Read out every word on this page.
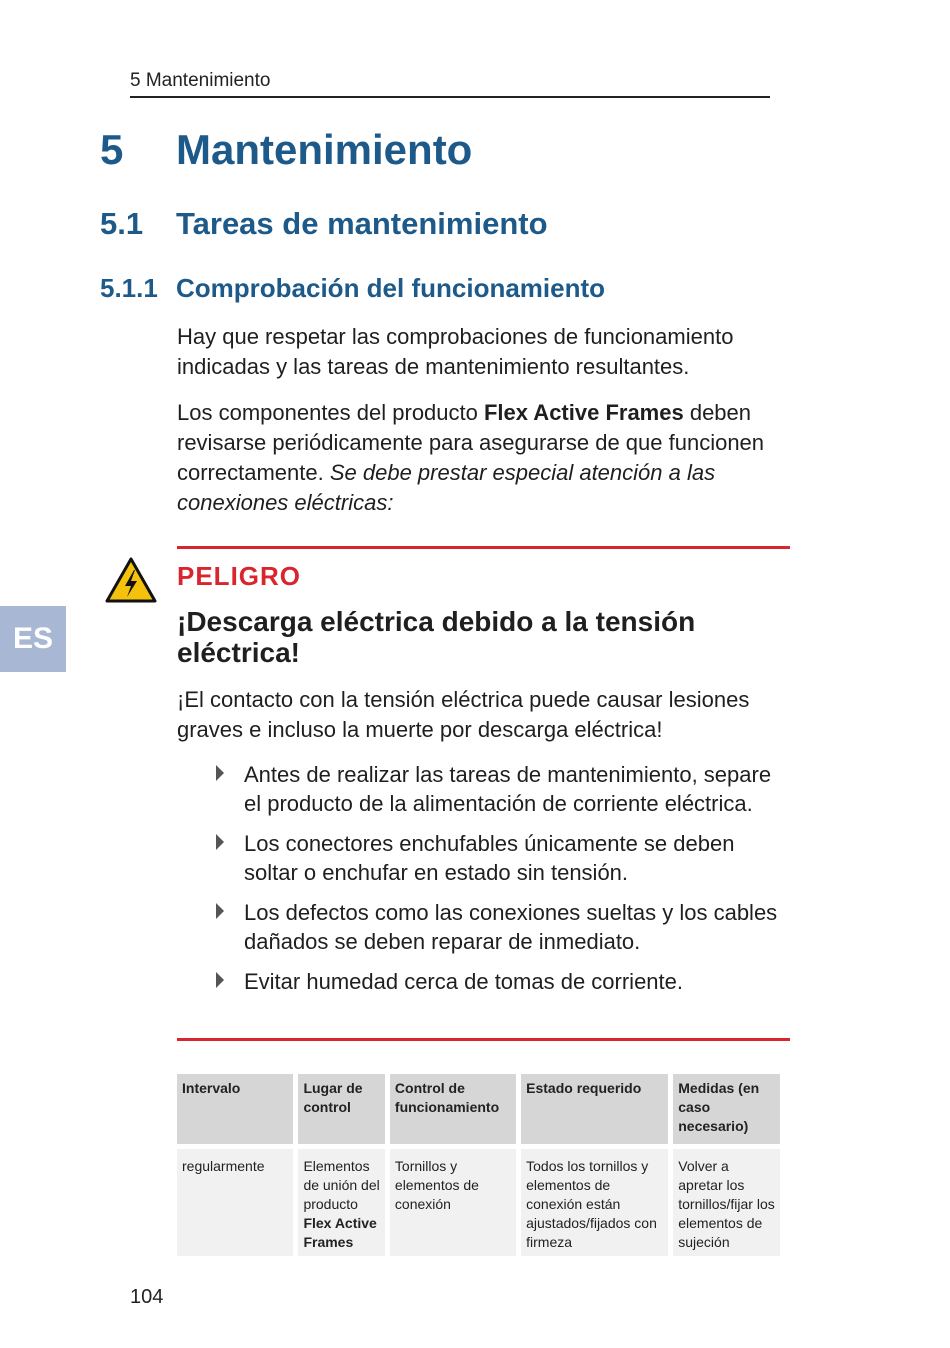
5 Mantenimiento
5 Mantenimiento
5.1 Tareas de mantenimiento
5.1.1 Comprobación del funcionamiento
Hay que respetar las comprobaciones de funcionamiento indicadas y las tareas de mantenimiento resultantes.
Los componentes del producto Flex Active Frames deben revisarse periódicamente para asegurarse de que funcionen correctamente. Se debe prestar especial atención a las conexiones eléctricas:
ES
PELIGRO
¡Descarga eléctrica debido a la tensión eléctrica!
¡El contacto con la tensión eléctrica puede causar lesiones graves e incluso la muerte por descarga eléctrica!
Antes de realizar las tareas de mantenimiento, separe el producto de la alimentación de corriente eléctrica.
Los conectores enchufables únicamente se deben soltar o enchufar en estado sin tensión.
Los defectos como las conexiones sueltas y los cables dañados se deben reparar de inmediato.
Evitar humedad cerca de tomas de corriente.
Intervalo	Lugar de control	Control de funcionamiento	Estado requerido	Medidas (en caso necesario)
regularmente	Elementos de unión del producto Flex Active Frames	Tornillos y elementos de conexión	Todos los tornillos y elementos de conexión están ajustados/fijados con firmeza	Volver a apretar los tornillos/fijar los elementos de sujeción
104
